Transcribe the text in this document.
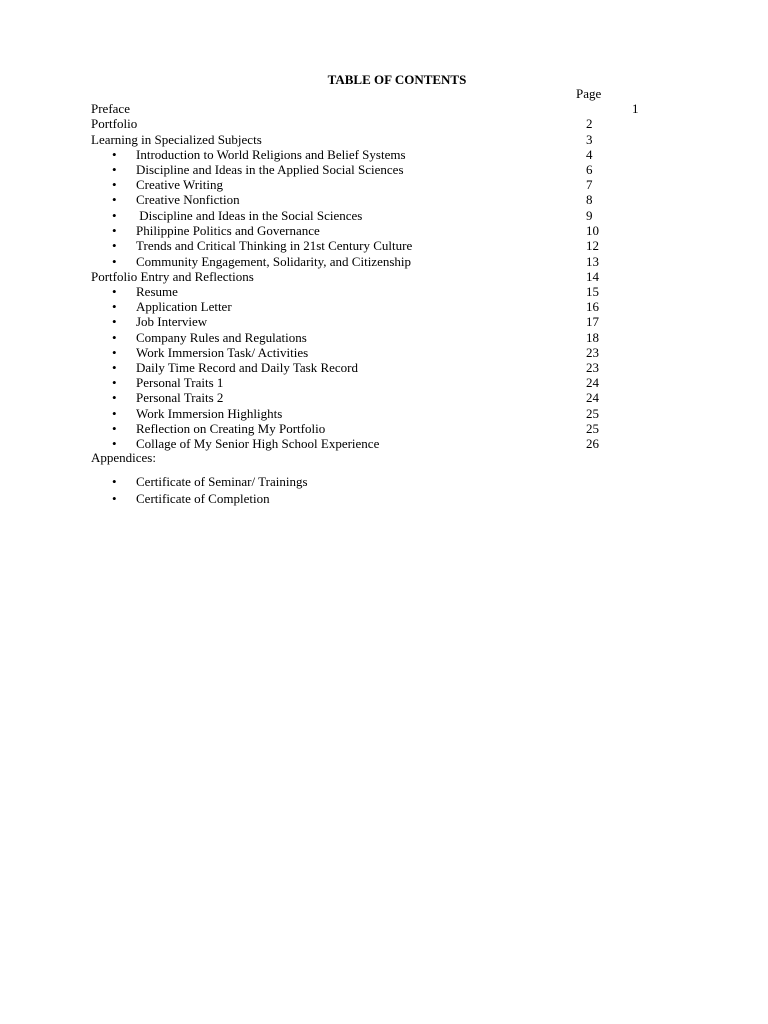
TABLE OF CONTENTS
Page
Preface	1
Portfolio	2
Learning in Specialized Subjects	3
• Introduction to World Religions and Belief Systems	4
• Discipline and Ideas in the Applied Social Sciences	6
• Creative Writing	7
• Creative Nonfiction	8
• Discipline and Ideas in the Social Sciences	9
• Philippine Politics and Governance	10
• Trends and Critical Thinking in 21st Century Culture	12
• Community Engagement, Solidarity, and Citizenship	13
Portfolio Entry and Reflections	14
• Resume	15
• Application Letter	16
• Job Interview	17
• Company Rules and Regulations	18
• Work Immersion Task/ Activities	23
• Daily Time Record and Daily Task Record	23
• Personal Traits 1	24
• Personal Traits 2	24
• Work Immersion Highlights	25
• Reflection on Creating My Portfolio	25
• Collage of My Senior High School Experience	26
Appendices:
• Certificate of Seminar/ Trainings
• Certificate of Completion
